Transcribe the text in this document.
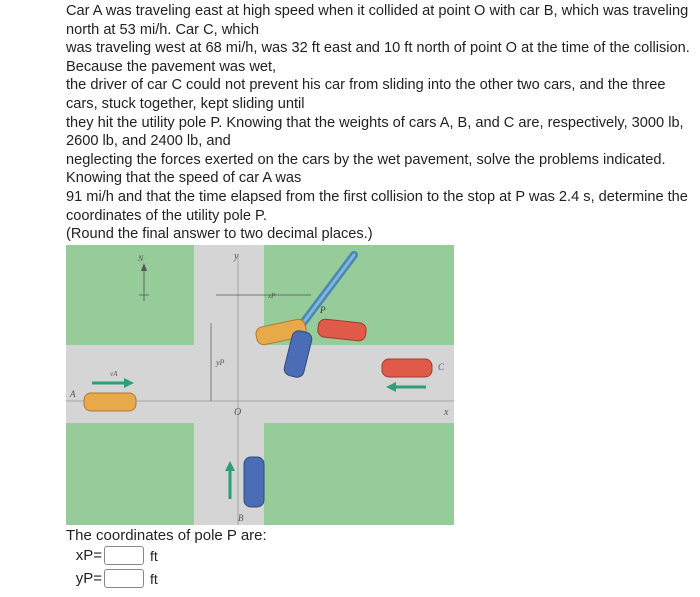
Car A was traveling east at high speed when it collided at point O with car B, which was traveling north at 53 mi/h. Car C, which

was traveling west at 68 mi/h, was 32 ft east and 10 ft north of point O at the time of the collision. Because the pavement was wet,

the driver of car C could not prevent his car from sliding into the other two cars, and the three cars, stuck together, kept sliding until

they hit the utility pole P. Knowing that the weights of cars A, B, and C are, respectively, 3000 lb, 2600 lb, and 2400 lb, and

neglecting the forces exerted on the cars by the wet pavement, solve the problems indicated. Knowing that the speed of car A was

91 mi/h and that the time elapsed from the first collision to the stop at P was 2.4 s, determine the coordinates of the utility pole P.

(Round the final answer to two decimal places.)

y
x
O
N
xP
yP
P
C
A
vA
B
The coordinates of pole P are:
xP=	ft
yP=	ft
